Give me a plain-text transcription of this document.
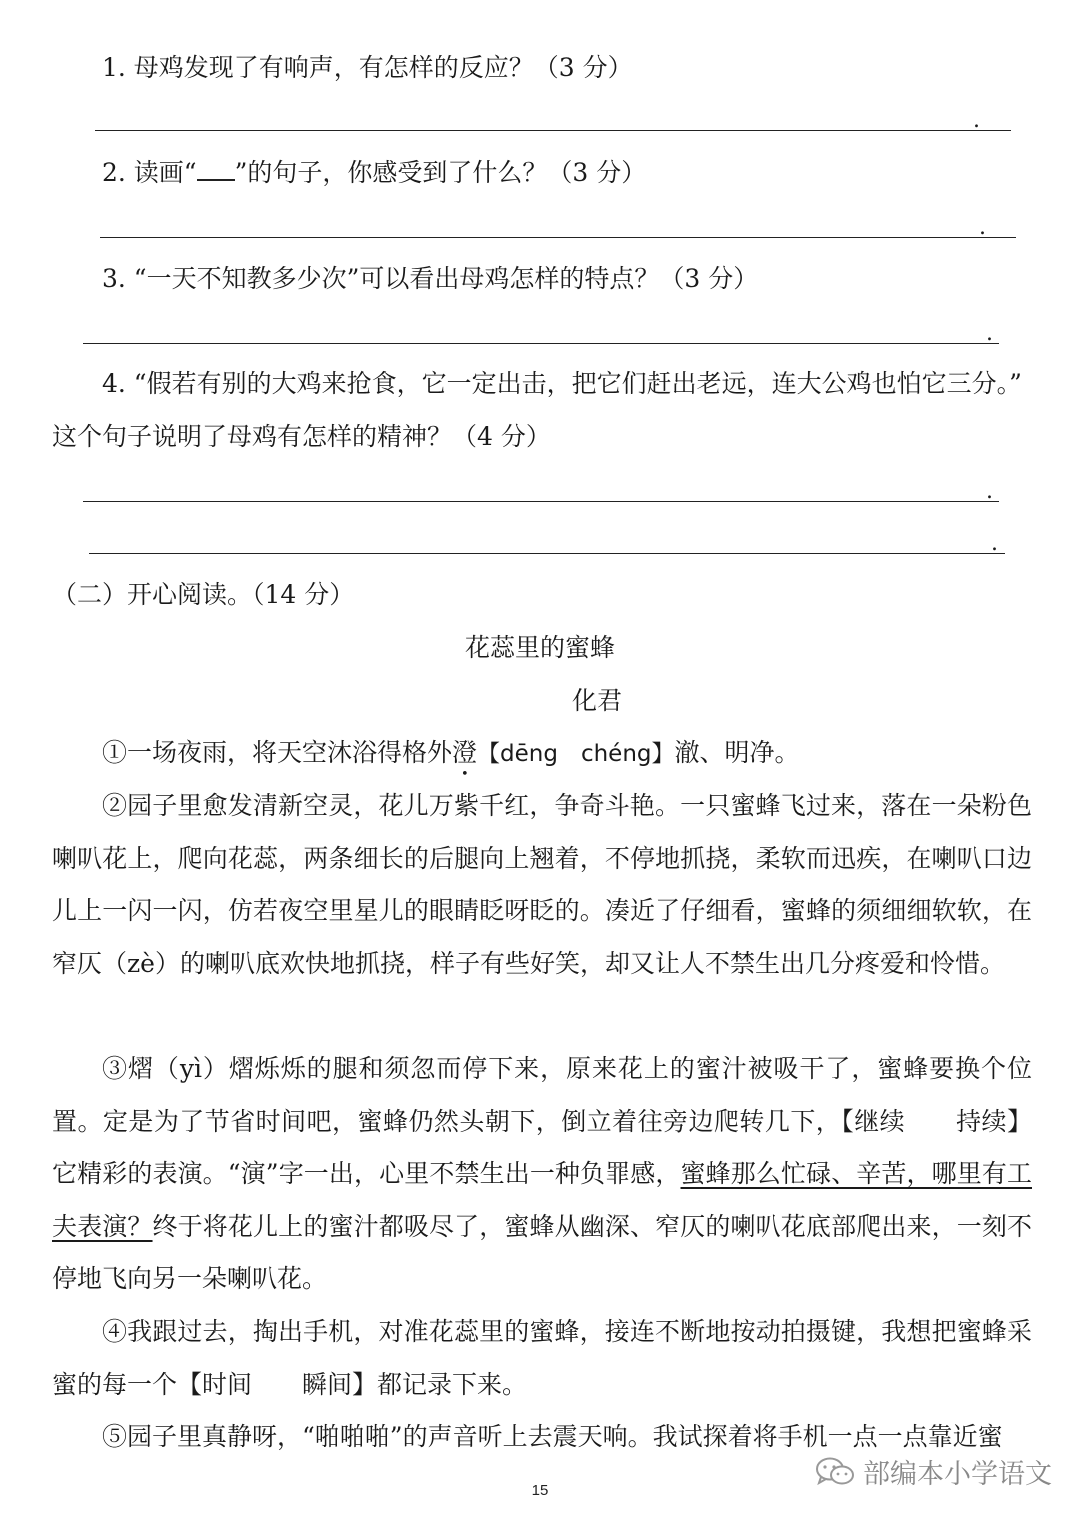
1. 母鸡发现了有响声，有怎样的反应？（3 分）
.
2. 读画“ ”的句子，你感受到了什么？（3 分）
.
3. “一天不知教多少次”可以看出母鸡怎样的特点？（3 分）
.
4. “假若有别的大鸡来抢食，它一定出击，把它们赶出老远，连大公鸡也怕它三分。”
这个句子说明了母鸡有怎样的精神？（4 分）
.
.
（二）开心阅读。（14 分）
花蕊里的蜜蜂
化君
①一场夜雨，将天空沐浴得格外澄【dēng　chéng】澈、明净。
②园子里愈发清新空灵，花儿万紫千红，争奇斗艳。一只蜜蜂飞过来，落在一朵粉色喇叭花上，爬向花蕊，两条细长的后腿向上翘着，不停地抓挠，柔软而迅疾，在喇叭口边儿上一闪一闪，仿若夜空里星儿的眼睛眨呀眨的。凑近了仔细看，蜜蜂的须细细软软，在窄仄（zè）的喇叭底欢快地抓挠，样子有些好笑，却又让人不禁生出几分疼爱和怜惜。
③熠（yì）熠烁烁的腿和须忽而停下来，原来花上的蜜汁被吸干了，蜜蜂要换个位置。定是为了节省时间吧，蜜蜂仍然头朝下，倒立着往旁边爬转几下，【继续　　持续】它精彩的表演。“演”字一出，心里不禁生出一种负罪感，蜜蜂那么忙碌、辛苦，哪里有工夫表演？终于将花儿上的蜜汁都吸尽了，蜜蜂从幽深、窄仄的喇叭花底部爬出来，一刻不停地飞向另一朵喇叭花。
④我跟过去，掏出手机，对准花蕊里的蜜蜂，接连不断地按动拍摄键，我想把蜜蜂采蜜的每一个【时间　　瞬间】都记录下来。
⑤园子里真静呀，“啪啪啪”的声音听上去震天响。我试探着将手机一点一点靠近蜜
15
部编本小学语文
